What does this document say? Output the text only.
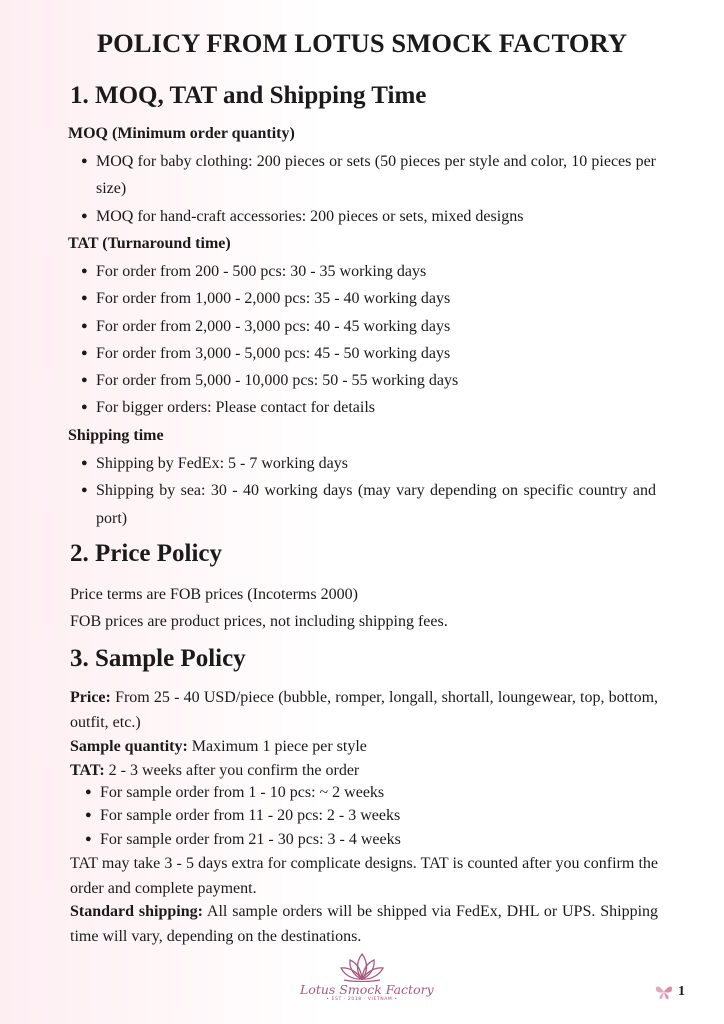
POLICY FROM LOTUS SMOCK FACTORY
1. MOQ, TAT and Shipping Time
MOQ (Minimum order quantity)
● MOQ for baby clothing: 200 pieces or sets (50 pieces per style and color, 10 pieces per size)
● MOQ for hand-craft accessories: 200 pieces or sets, mixed designs
TAT (Turnaround time)
● For order from 200 - 500 pcs: 30 - 35 working days
● For order from 1,000 - 2,000 pcs: 35 - 40 working days
● For order from 2,000 - 3,000 pcs: 40 - 45 working days
● For order from 3,000 - 5,000 pcs: 45 - 50 working days
● For order from 5,000 - 10,000 pcs: 50 - 55 working days
● For bigger orders: Please contact for details
Shipping time
● Shipping by FedEx: 5 - 7 working days
● Shipping by sea: 30 - 40 working days (may vary depending on specific country and port)
2. Price Policy

Price terms are FOB prices (Incoterms 2000)

FOB prices are product prices, not including shipping fees.

3. Sample Policy

Price: From 25 - 40 USD/piece (bubble, romper, longall, shortall, loungewear, top, bottom, outfit, etc.)

Sample quantity: Maximum 1 piece per style

TAT: 2 - 3 weeks after you confirm the order

● For sample order from 1 - 10 pcs: ~ 2 weeks
● For sample order from 11 - 20 pcs: 2 - 3 weeks
● For sample order from 21 - 30 pcs: 3 - 4 weeks

TAT may take 3 - 5 days extra for complicate designs. TAT is counted after you confirm the order and complete payment.

Standard shipping: All sample orders will be shipped via FedEx, DHL or UPS. Shipping time will vary, depending on the destinations.

Lotus Smock Factory
• EST · 2018 · VIETNAM •
1
